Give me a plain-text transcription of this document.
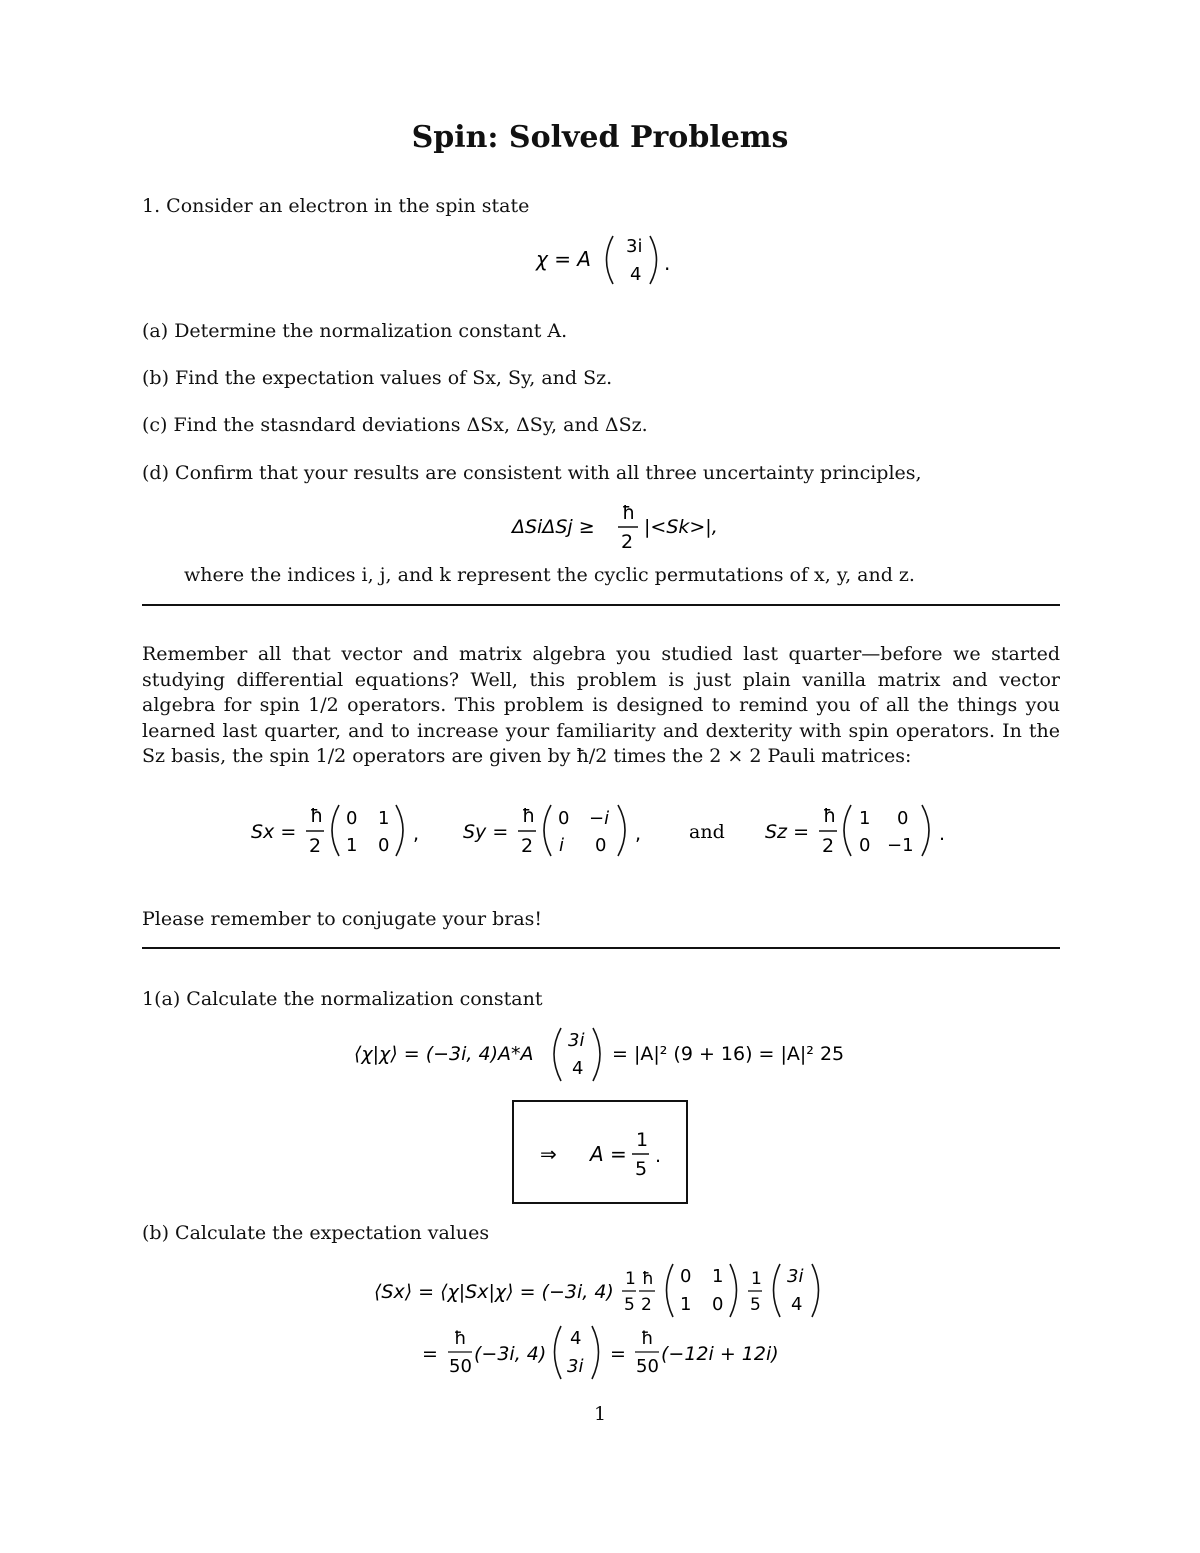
Spin: Solved Problems
1. Consider an electron in the spin state
χ = A
3i
4 .
(a) Determine the normalization constant A.
(b) Find the expectation values of Sx, Sy, and Sz.
(c) Find the stasndard deviations ΔSx, ΔSy, and ΔSz.
(d) Confirm that your results are consistent with all three uncertainty principles,
ΔSiΔSj ≥
ħ
2
|<Sk>|,
where the indices i, j, and k represent the cyclic permutations of x, y, and z.
Remember all that vector and matrix algebra you studied last quarter—before we started studying differential equations? Well, this problem is just plain vanilla matrix and vector algebra for spin 1/2 operators. This problem is designed to remind you of all the things you learned last quarter, and to increase your familiarity and dexterity with spin operators. In the Sz basis, the spin 1/2 operators are given by ħ/2 times the 2 × 2 Pauli matrices:
Sx =
ħ
2
0 1
1 0
, Sy =
ħ
2
0 −i
i 0
,	and Sz =
ħ
2
1 0
0 −1
.
Please remember to conjugate your bras!
1(a) Calculate the normalization constant
⟨χ|χ⟩ = (−3i, 4)A*A
3i
4
= |A|² (9 + 16) = |A|² 25
⇒ A =
1
5
.
(b) Calculate the expectation values
⟨Sx⟩ = ⟨χ|Sx|χ⟩ = (−3i, 4)
1
5
ħ
2
0 1
1 0
1
5
3i
4
=
ħ
50
(−3i, 4)
4
3i
=
ħ
50
(−12i + 12i)
1
